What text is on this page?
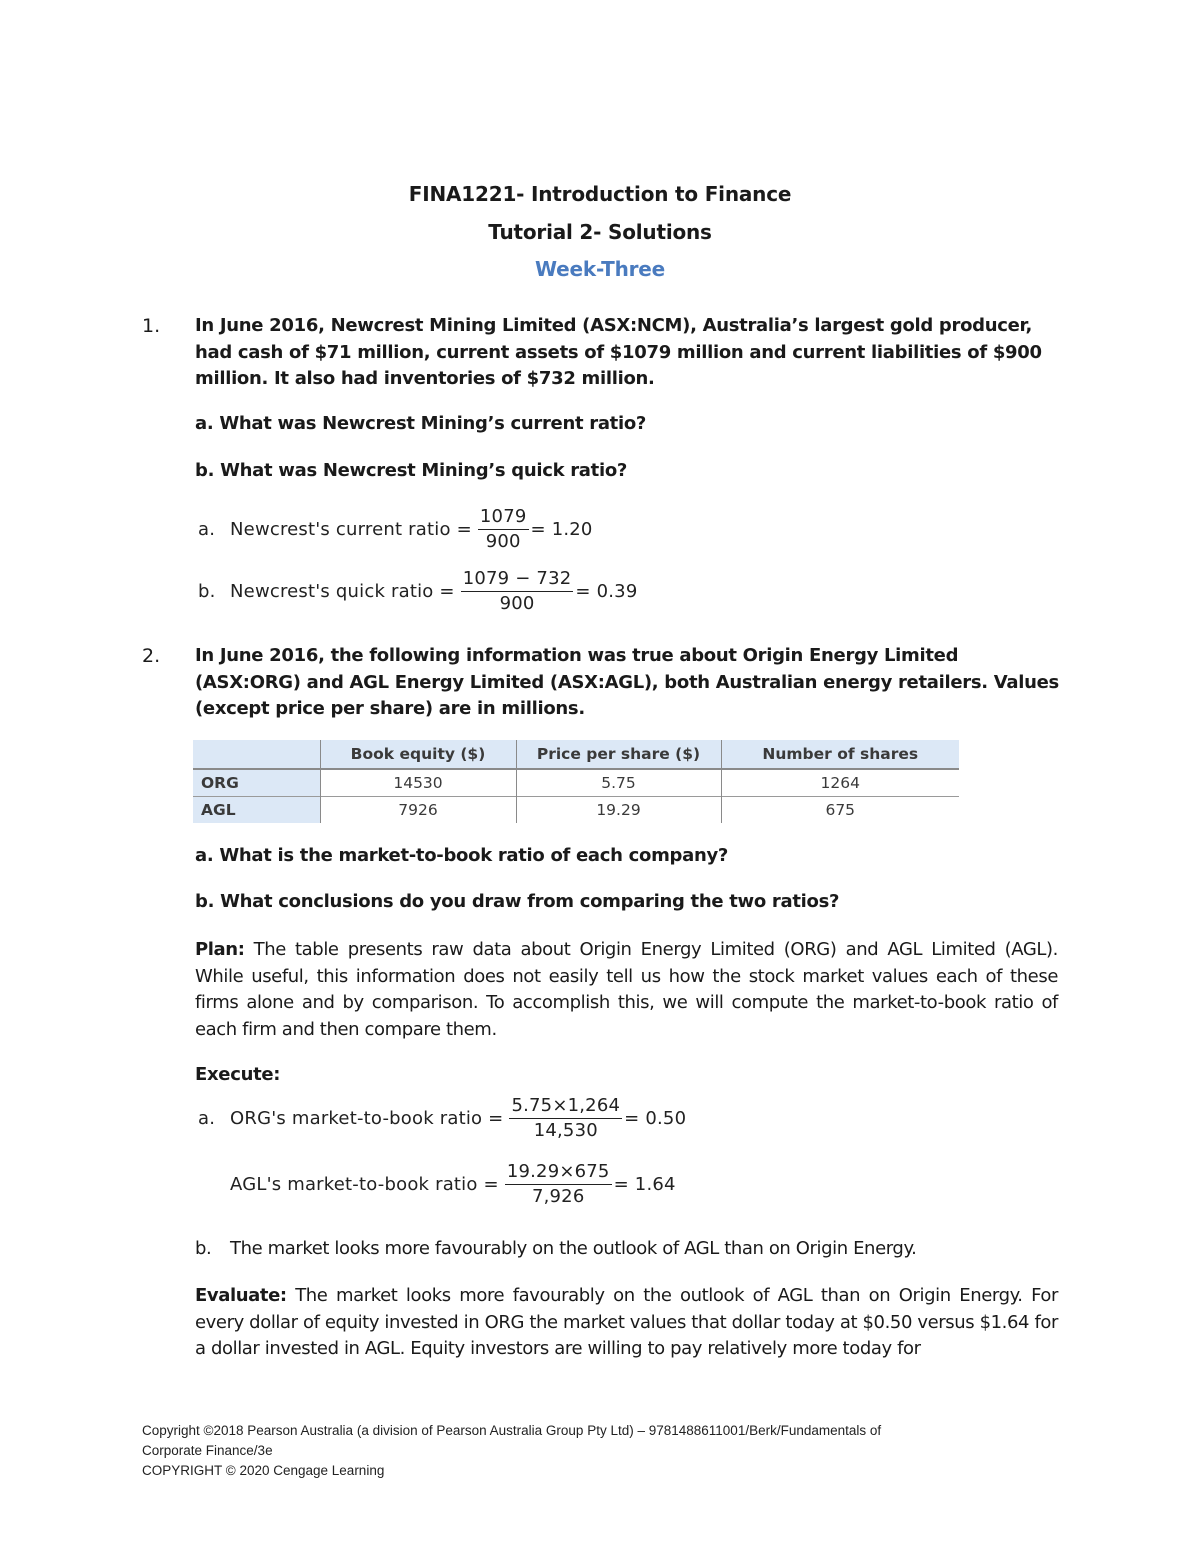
FINA1221- Introduction to Finance
Tutorial 2- Solutions
Week-Three
1. In June 2016, Newcrest Mining Limited (ASX:NCM), Australia’s largest gold producer, had cash of $71 million, current assets of $1079 million and current liabilities of $900 million. It also had inventories of $732 million.
a. What was Newcrest Mining’s current ratio?
b. What was Newcrest Mining’s quick ratio?
a. Newcrest's current ratio = $\frac{1079}{900} = 1.20$
b. Newcrest's quick ratio = $\frac{1079 - 732}{900} = 0.39$
2. In June 2016, the following information was true about Origin Energy Limited (ASX:ORG) and AGL Energy Limited (ASX:AGL), both Australian energy retailers. Values (except price per share) are in millions.
	Book equity ($)	Price per share ($)	Number of shares
ORG	14530	5.75	1264
AGL	7926	19.29	675
a. What is the market-to-book ratio of each company?
b. What conclusions do you draw from comparing the two ratios?
Plan: The table presents raw data about Origin Energy Limited (ORG) and AGL Limited (AGL). While useful, this information does not easily tell us how the stock market values each of these firms alone and by comparison. To accomplish this, we will compute the market-to-book ratio of each firm and then compare them.
Execute:
a. ORG's market-to-book ratio = $\frac{5.75\times 1,264}{14,530} = 0.50$
AGL's market-to-book ratio = $\frac{19.29\times 675}{7,926} = 1.64$
b. The market looks more favourably on the outlook of AGL than on Origin Energy.
Evaluate: The market looks more favourably on the outlook of AGL than on Origin Energy. For every dollar of equity invested in ORG the market values that dollar today at $0.50 versus $1.64 for a dollar invested in AGL. Equity investors are willing to pay relatively more today for
Copyright ©2018 Pearson Australia (a division of Pearson Australia Group Pty Ltd) – 9781488611001/Berk/Fundamentals of
Corporate Finance/3e
COPYRIGHT © 2020 Cengage Learning
